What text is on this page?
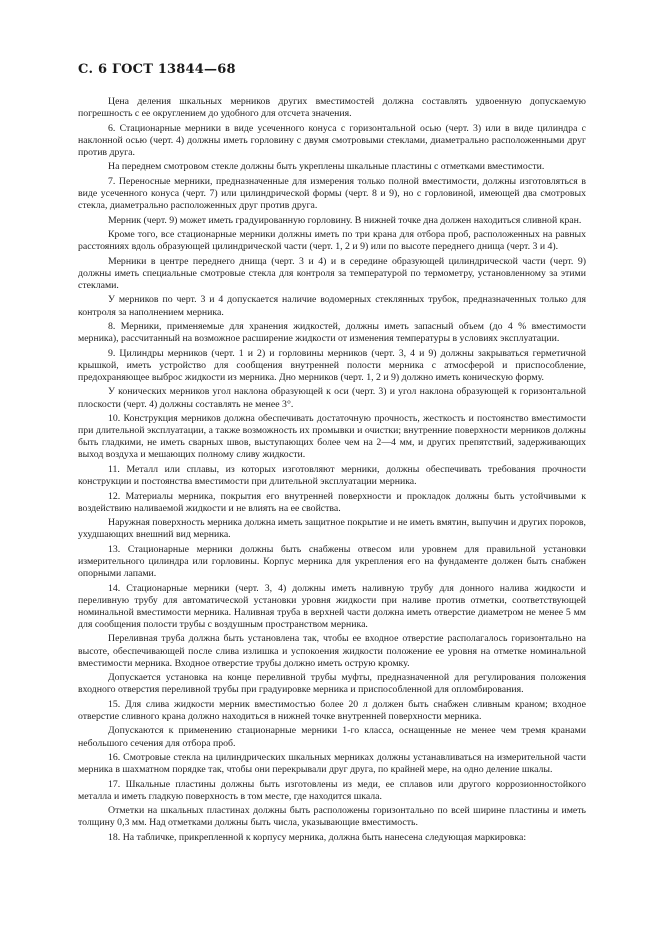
С. 6 ГОСТ 13844—68

Цена деления шкальных мерников других вместимостей должна составлять удвоенную допускаемую погрешность с ее округлением до удобного для отсчета значения.

6. Стационарные мерники в виде усеченного конуса с горизонтальной осью (черт. 3) или в виде цилиндра с наклонной осью (черт. 4) должны иметь горловину с двумя смотровыми стеклами, диаметрально расположенными друг против друга.

На переднем смотровом стекле должны быть укреплены шкальные пластины с отметками вместимости.

7. Переносные мерники, предназначенные для измерения только полной вместимости, должны изготовляться в виде усеченного конуса (черт. 7) или цилиндрической формы (черт. 8 и 9), но с горловиной, имеющей два смотровых стекла, диаметрально расположенных друг против друга.

Мерник (черт. 9) может иметь градуированную горловину. В нижней точке дна должен находиться сливной кран.

Кроме того, все стационарные мерники должны иметь по три крана для отбора проб, расположенных на равных расстояниях вдоль образующей цилиндрической части (черт. 1, 2 и 9) или по высоте переднего днища (черт. 3 и 4).

Мерники в центре переднего днища (черт. 3 и 4) и в середине образующей цилиндрической части (черт. 9) должны иметь специальные смотровые стекла для контроля за температурой по термометру, установленному за этими стеклами.

У мерников по черт. 3 и 4 допускается наличие водомерных стеклянных трубок, предназначенных только для контроля за наполнением мерника.

8. Мерники, применяемые для хранения жидкостей, должны иметь запасный объем (до 4 % вместимости мерника), рассчитанный на возможное расширение жидкости от изменения температуры в условиях эксплуатации.

9. Цилиндры мерников (черт. 1 и 2) и горловины мерников (черт. 3, 4 и 9) должны закрываться герметичной крышкой, иметь устройство для сообщения внутренней полости мерника с атмосферой и приспособление, предохраняющее выброс жидкости из мерника. Дно мерников (черт. 1, 2 и 9) должно иметь коническую форму.

У конических мерников угол наклона образующей к оси (черт. 3) и угол наклона образующей к горизонтальной плоскости (черт. 4) должны составлять не менее 3°.

10. Конструкция мерников должна обеспечивать достаточную прочность, жесткость и постоянство вместимости при длительной эксплуатации, а также возможность их промывки и очистки; внутренние поверхности мерников должны быть гладкими, не иметь сварных швов, выступающих более чем на 2—4 мм, и других препятствий, задерживающих выход воздуха и мешающих полному сливу жидкости.

11. Металл или сплавы, из которых изготовляют мерники, должны обеспечивать требования прочности конструкции и постоянства вместимости при длительной эксплуатации мерника.

12. Материалы мерника, покрытия его внутренней поверхности и прокладок должны быть устойчивыми к воздействию наливаемой жидкости и не влиять на ее свойства.

Наружная поверхность мерника должна иметь защитное покрытие и не иметь вмятин, выпучин и других пороков, ухудшающих внешний вид мерника.

13. Стационарные мерники должны быть снабжены отвесом или уровнем для правильной установки измерительного цилиндра или горловины. Корпус мерника для укрепления его на фундаменте должен быть снабжен опорными лапами.

14. Стационарные мерники (черт. 3, 4) должны иметь наливную трубу для донного налива жидкости и переливную трубу для автоматической установки уровня жидкости при наливе против отметки, соответствующей номинальной вместимости мерника. Наливная труба в верхней части должна иметь отверстие диаметром не менее 5 мм для сообщения полости трубы с воздушным пространством мерника.

Переливная труба должна быть установлена так, чтобы ее входное отверстие располагалось горизонтально на высоте, обеспечивающей после слива излишка и успокоения жидкости положение ее уровня на отметке номинальной вместимости мерника. Входное отверстие трубы должно иметь острую кромку.

Допускается установка на конце переливной трубы муфты, предназначенной для регулирования положения входного отверстия переливной трубы при градуировке мерника и приспособленной для опломбирования.

15. Для слива жидкости мерник вместимостью более 20 л должен быть снабжен сливным краном; входное отверстие сливного крана должно находиться в нижней точке внутренней поверхности мерника.

Допускаются к применению стационарные мерники 1-го класса, оснащенные не менее чем тремя кранами небольшого сечения для отбора проб.

16. Смотровые стекла на цилиндрических шкальных мерниках должны устанавливаться на измерительной части мерника в шахматном порядке так, чтобы они перекрывали друг друга, по крайней мере, на одно деление шкалы.

17. Шкальные пластины должны быть изготовлены из меди, ее сплавов или другого коррозионностойкого металла и иметь гладкую поверхность в том месте, где находится шкала.

Отметки на шкальных пластинах должны быть расположены горизонтально по всей ширине пластины и иметь толщину 0,3 мм. Над отметками должны быть числа, указывающие вместимость.

18. На табличке, прикрепленной к корпусу мерника, должна быть нанесена следующая маркировка:
